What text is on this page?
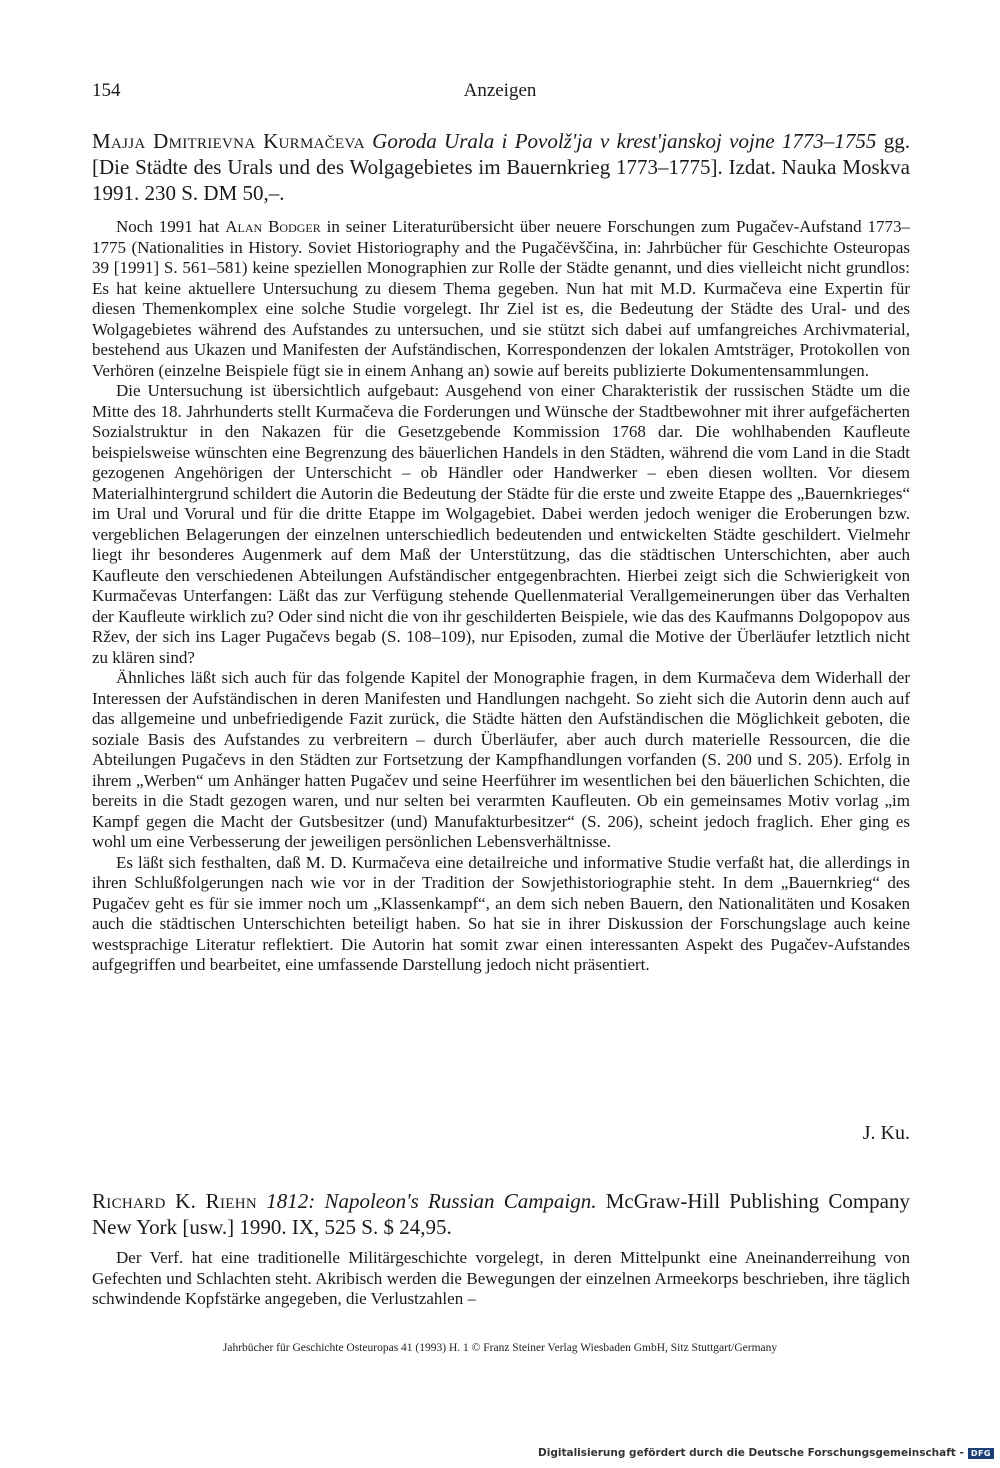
154	Anzeigen
Majja Dmitrievna Kurmačeva Goroda Urala i Povolž'ja v krest'janskoj vojne 1773–1755 gg. [Die Städte des Urals und des Wolgagebietes im Bauernkrieg 1773–1775]. Izdat. Nauka Moskva 1991. 230 S. DM 50,–.

Noch 1991 hat Alan Bodger in seiner Literaturübersicht über neuere Forschungen zum Pugačev-Aufstand 1773–1775 (Nationalities in History. Soviet Historiography and the Pugačëvščina, in: Jahrbücher für Geschichte Osteuropas 39 [1991] S. 561–581) keine speziellen Monographien zur Rolle der Städte genannt, und dies vielleicht nicht grundlos: Es hat keine aktuellere Untersuchung zu diesem Thema gegeben. Nun hat mit M.D. Kurmačeva eine Expertin für diesen Themenkomplex eine solche Studie vorgelegt. Ihr Ziel ist es, die Bedeutung der Städte des Ural- und des Wolgagebietes während des Aufstandes zu untersuchen, und sie stützt sich dabei auf umfangreiches Archivmaterial, bestehend aus Ukazen und Manifesten der Aufständischen, Korrespondenzen der lokalen Amtsträger, Protokollen von Verhören (einzelne Beispiele fügt sie in einem Anhang an) sowie auf bereits publizierte Dokumentensammlungen.

Die Untersuchung ist übersichtlich aufgebaut: Ausgehend von einer Charakteristik der russischen Städte um die Mitte des 18. Jahrhunderts stellt Kurmačeva die Forderungen und Wünsche der Stadtbewohner mit ihrer aufgefächerten Sozialstruktur in den Nakazen für die Gesetzgebende Kommission 1768 dar. Die wohlhabenden Kaufleute beispielsweise wünschten eine Begrenzung des bäuerlichen Handels in den Städten, während die vom Land in die Stadt gezogenen Angehörigen der Unterschicht – ob Händler oder Handwerker – eben diesen wollten. Vor diesem Materialhintergrund schildert die Autorin die Bedeutung der Städte für die erste und zweite Etappe des „Bauernkrieges“ im Ural und Vorural und für die dritte Etappe im Wolgagebiet. Dabei werden jedoch weniger die Eroberungen bzw. vergeblichen Belagerungen der einzelnen unterschiedlich bedeutenden und entwickelten Städte geschildert. Vielmehr liegt ihr besonderes Augenmerk auf dem Maß der Unterstützung, das die städtischen Unterschichten, aber auch Kaufleute den verschiedenen Abteilungen Aufständischer entgegenbrachten. Hierbei zeigt sich die Schwierigkeit von Kurmačevas Unterfangen: Läßt das zur Verfügung stehende Quellenmaterial Verallgemeinerungen über das Verhalten der Kaufleute wirklich zu? Oder sind nicht die von ihr geschilderten Beispiele, wie das des Kaufmanns Dolgopopov aus Ržev, der sich ins Lager Pugačevs begab (S. 108–109), nur Episoden, zumal die Motive der Überläufer letztlich nicht zu klären sind?

Ähnliches läßt sich auch für das folgende Kapitel der Monographie fragen, in dem Kurmačeva dem Widerhall der Interessen der Aufständischen in deren Manifesten und Handlungen nachgeht. So zieht sich die Autorin denn auch auf das allgemeine und unbefriedigende Fazit zurück, die Städte hätten den Aufständischen die Möglichkeit geboten, die soziale Basis des Aufstandes zu verbreitern – durch Überläufer, aber auch durch materielle Ressourcen, die die Abteilungen Pugačevs in den Städten zur Fortsetzung der Kampfhandlungen vorfanden (S. 200 und S. 205). Erfolg in ihrem „Werben“ um Anhänger hatten Pugačev und seine Heerführer im wesentlichen bei den bäuerlichen Schichten, die bereits in die Stadt gezogen waren, und nur selten bei verarmten Kaufleuten. Ob ein gemeinsames Motiv vorlag „im Kampf gegen die Macht der Gutsbesitzer (und) Manufakturbesitzer“ (S. 206), scheint jedoch fraglich. Eher ging es wohl um eine Verbesserung der jeweiligen persönlichen Lebensverhältnisse.

Es läßt sich festhalten, daß M. D. Kurmačeva eine detailreiche und informative Studie verfaßt hat, die allerdings in ihren Schlußfolgerungen nach wie vor in der Tradition der Sowjethistoriographie steht. In dem „Bauernkrieg“ des Pugačev geht es für sie immer noch um „Klassenkampf“, an dem sich neben Bauern, den Nationalitäten und Kosaken auch die städtischen Unterschichten beteiligt haben. So hat sie in ihrer Diskussion der Forschungslage auch keine westsprachige Literatur reflektiert. Die Autorin hat somit zwar einen interessanten Aspekt des Pugačev-Aufstandes aufgegriffen und bearbeitet, eine umfassende Darstellung jedoch nicht präsentiert.

J. Ku.
Richard K. Riehn 1812: Napoleon's Russian Campaign. McGraw-Hill Publishing Company New York [usw.] 1990. IX, 525 S. $ 24,95.

Der Verf. hat eine traditionelle Militärgeschichte vorgelegt, in deren Mittelpunkt eine Aneinanderreihung von Gefechten und Schlachten steht. Akribisch werden die Bewegungen der einzelnen Armeekorps beschrieben, ihre täglich schwindende Kopfstärke angegeben, die Verlustzahlen –

Jahrbücher für Geschichte Osteuropas 41 (1993) H. 1 © Franz Steiner Verlag Wiesbaden GmbH, Sitz Stuttgart/Germany
Digitalisierung gefördert durch die Deutsche Forschungsgemeinschaft - DFG
